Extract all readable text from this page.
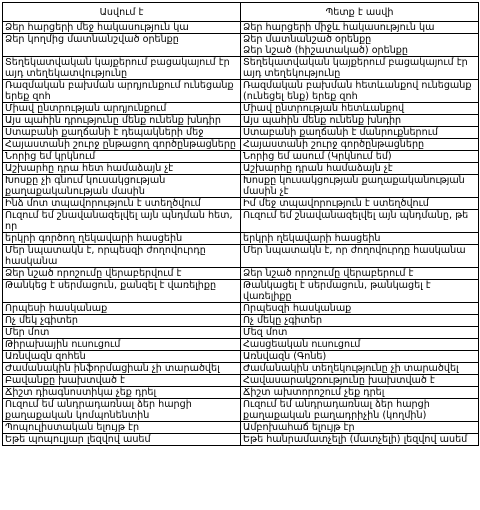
Ասվում է	Պետք է ասվի
Ձեր հարցերի մեջ հակասություն կա	Ձեր հարցերի միջև հակասություն կա
Ձեր կողմից մատնանշված օրենքը	Ձեր մատնանշած օրենքը
Ձեր նշած (հիշատակած) օրենքը
Տեղեկատվական կայքերում բացակայում էր այդ տեղեկատվությունը	Տեղեկատվական կայքերում բացակայում էր այդ տեղեկությունը
Ռազմական բախման արդյունքում ունեցանք երեք զոհ	Ռազմական բախման հետևանքով ունեցանք (ունեցել ենք) երեք զոհ
Միավ ընտրության արդյունքում	Միավ ընտրության հետևանքով
Այս պահին դրությունը մենք ունենք խնդիր	Այս պահին մենք ունենք խնդիր
Ստաբանի քաղճանի է դեպակների մեջ	Ստաբանի քաղճանի է մանրուքներում
Հայաստանի շուրջ ընթացող գործընթացները	Հայաստանի շուրջ գործընթացները
Նորից եմ կրկնում	Նորից եմ ասում (Կրկնում եմ)
Աշխարհը դրա հետ համաձայն չէ	Աշխարհը դրան համաձայն չէ
Խոսքը չի գնում կուսակցության քաղաքականության մասին	Խոսքը կուսակցության քաղաքականության մասին չէ
Ինձ մոտ տպավորություն է ստեղծվում	Իմ մեջ տպավորություն է ստեղծվում
Ուզում եմ շնավանազելվել այն պնդման հետ, որ	Ուզում եմ շնավանազելվել այն պնդմանը, թե
երկրի գործող ղեկավարի հասցեին	երկրի ղեկավարի հասցեին
Մեր նպատակն է, որպեսզի ժողովուրդը հասկանա	Մեր նպատակն է, որ ժողովուրդը հասկանա
Ձեր նշած որոշումը վերաբերվում է	Ձեր նշած որոշումը վերաբերում է
Թանկեց է սերմացուն, քանզել է վառելիքը	Թանկացել է սերմացուն, թանկացել է վառելիքը
Որպեսի հասկանաք	Որպեսզի հասկանաք
Ոչ մեկ չգիտեր	Ոչ մեկը չգիտեր
Մեր մոտ	Մեզ մոտ
Թիրախային ուսուցում	Հասցեական ուսուցում
Առնվազն զոհեն	Առնվազն (Գոնե)
Ժամանակին ինֆորմացիան չի տարածվել	Ժամանակին տեղեկությունը չի տարածվել
Բավանքը խախտված է	Հավասարակշռությունը խախտված է
Ճիշտ դիագնոստիկա չեք դրել	Ճիշտ ախտորոշում չեք դրել
Ուզում եմ անդրադառնալ ձեր հարցի քաղաքական կոմպոնենտին	Ուզում եմ անդրադառնալ ձեր հարցի քաղաքական բաղադրիչին (կողմին)
Պոպուլիստական ելույթ էր	Ամբոխահաճ ելույթ էր
Եթե պոպուլյար լեզվով ասեմ	Եթե հանրամատչելի (մատչելի) լեզվով ասեմ
